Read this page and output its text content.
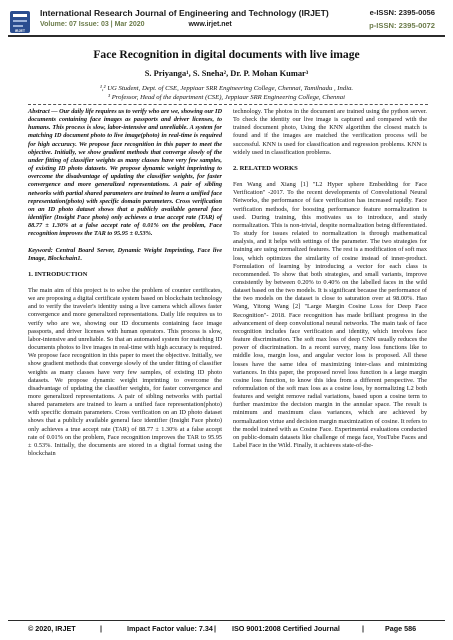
IRJET
International Research Journal of Engineering and Technology (IRJET)
Volume: 07 Issue: 03 | Mar 2020	www.irjet.net
e-ISSN: 2395-0056
p-ISSN: 2395-0072
Face Recognition in digital documents with live image
S. Priyanga¹, S. Sneha², Dr. P. Mohan Kumar³
¹,² UG Student, Dept. of CSE, Jeppiaar SRR Engineering College, Chennai, Tamilnadu , India.
³ Professor, Head of the department (CSE), Jeppiaar SRR Engineering College, Chennai

Abstract — Our daily life requires us to verify who are we, showing our ID documents containing face images as passports and driver licenses, to humans. This process is slow, labor-intensive and unreliable. A system for matching ID document photo to live image(photo) in real-time is required for high accuracy. We propose face recognition in this paper to meet the objective. Initially, we show gradient methods that converge slowly of the under fitting of classifier weights as many classes have very few samples, of existing ID photo datasets. We propose dynamic weight imprinting to overcome the disadvantage of updating the classifier weights, for faster convergence and more generalized representations. A pair of sibling networks with partial shared parameters are trained to learn a unified face representation(photo) with specific domain parameters. Cross verification on an ID photo dataset shows that a publicly available general face identifier (Insight Face photo) only achieves a true accept rate (TAR) of 88.77 ± 1.30% at a false accept rate of 0.01% on the problem, Face recognition improves the TAR to 95.95 ± 0.53%.

Keyword: Central Board Server, Dynamic Weight Imprinting, Face live Image, Blockchain1.

1. INTRODUCTION

The main aim of this project is to solve the problem of counter certificates, we are proposing a digital certificate system based on blockchain technology and to verify the traveler's identity using a live camera which allows faster convergence and more generalized representations. Daily life requires us to verify who are we, showing our ID documents containing face image passports, and driver licenses with human operators. This process is slow, labor-intensive and unreliable. So that an automated system for matching ID documents photos to live images in real-time with high accuracy is required. We propose face recognition in this paper to meet the objective. Initially, we show gradient methods that converge slowly of the under fitting of classifier weights as many classes have very few samples, of existing ID photo datasets. We propose dynamic weight imprinting to overcome the disadvantage of updating the classifier weights, for faster convergence and more generalized representations. A pair of sibling networks with partial shared parameters are trained to learn a unified face representation(photo) with specific domain parameters. Cross verification on an ID photo dataset shows that a publicly available general face identifier (Insight Face photo) only achieves a true accept rate (TAR) of 88.77 ± 1.30% at a false accept rate of 0.01% on the problem, Face recognition improves the TAR to 95.95 ± 0.53%. Initially, the documents are stored in a digital format using the blockchain

technology. The photos in the document are trained using the python server. To check the identity our live image is captured and compared with the trained document photo, Using the KNN algorithm the closest match is found and if the images are matched the verification process will be successful. KNN is used for classification and regression problems. KNN is widely used in classification problems.

2. RELATED WORKS

Fen Wang and Xiang [1] "L2 Hyper sphere Embedding for Face Verification" -2017. To the recent developments of Convolutional Neural Networks, the performance of face verification has increased rapidly. Face verification methods, for boosting performance feature normalization is used. During training, this motivates us to introduce, and study normalization. This is non-trivial, despite normalization being differentiated. To study for issues related to normalization is through mathematical analysis, and it helps with settings of the parameter. The two strategies for training are using normalized features. The rest is a modification of soft max loss, which optimizes the similarity of cosine instead of inner-product. Formulation of learning by introducing a vector for each class is recommended. To show that both strategies, and small variants, improve consistently by between 0.20% to 0.40% on the labelled faces in the wild dataset based on the two models. It is significant because the performance of the two models on the dataset is close to saturation over at 98.00%. Hao Wang, Yitong Wang [2] "Large Margin Cosine Loss for Deep Face Recognition"- 2018. Face recognition has made brilliant progress in the advancement of deep convolutional neural networks. The main task of face recognition includes face verification and identity, which involves face feature discrimination. The soft max loss of deep CNN usually reduces the power of discrimination. In a recent survey, many loss functions like to middle loss, margin loss, and angular vector loss is proposed. All these losses have the same idea of maximizing inter-class and minimizing variances. In this paper, the proposed novel loss function is a large margin cosine loss function, to know this idea from a different perspective. The reformulation of the soft max loss as a cosine loss, by normalizing L2 both features and weight remove radial variations, based upon a cosine term to further maximize the decision margin in the annular space. The result is minimum and maximum class variances, which are achieved by normalization virtue and decision margin maximization of cosine. It refers to the model trained with as Cosine Face. Experimental evaluations conducted on public-domain datasets like challenge of mega face, YouTube Faces and Label Face in the Wild. Finally, it achieves state-of-the-

© 2020, IRJET	|	Impact Factor value: 7.34 | ISO 9001:2008 Certified Journal	|	Page 586
